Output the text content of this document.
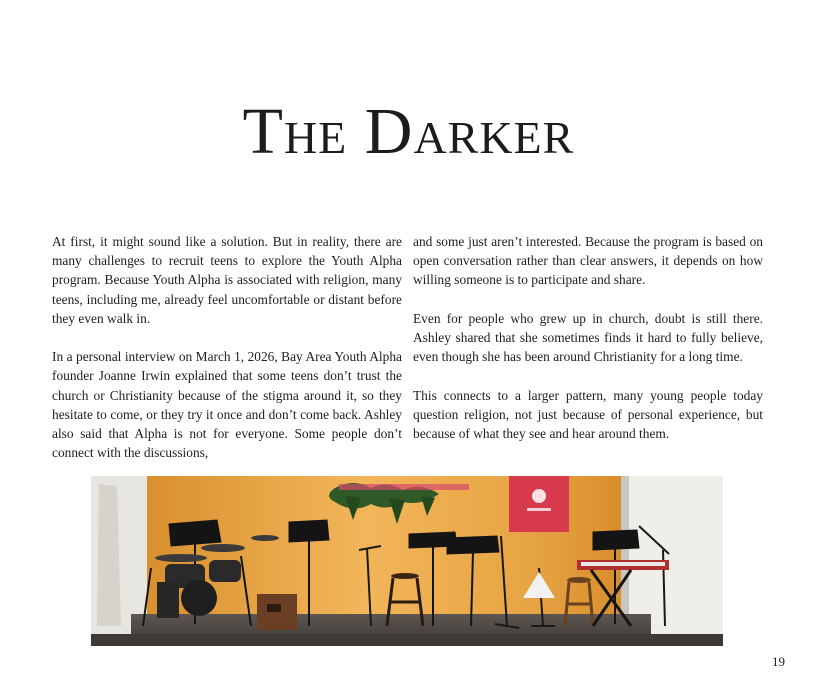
The Darker

At first, it might sound like a solution. But in reality, there are many challenges to recruit teens to explore the Youth Alpha program. Because Youth Alpha is associated with religion, many teens, including me, already feel uncomfortable or distant before they even walk in.

In a personal interview on March 1, 2026, Bay Area Youth Alpha founder Joanne Irwin explained that some teens don’t trust the church or Christianity because of the stigma around it, so they hesitate to come, or they try it once and don’t come back. Ashley also said that Alpha is not for everyone. Some people don’t connect with the discussions,

and some just aren’t interested. Because the program is based on open conversation rather than clear answers, it depends on how willing someone is to participate and share.

Even for people who grew up in church, doubt is still there. Ashley shared that she sometimes finds it hard to fully believe, even though she has been around Christianity for a long time.

This connects to a larger pattern, many young people today question religion, not just because of personal experience, but because of what they see and hear around them.

19
